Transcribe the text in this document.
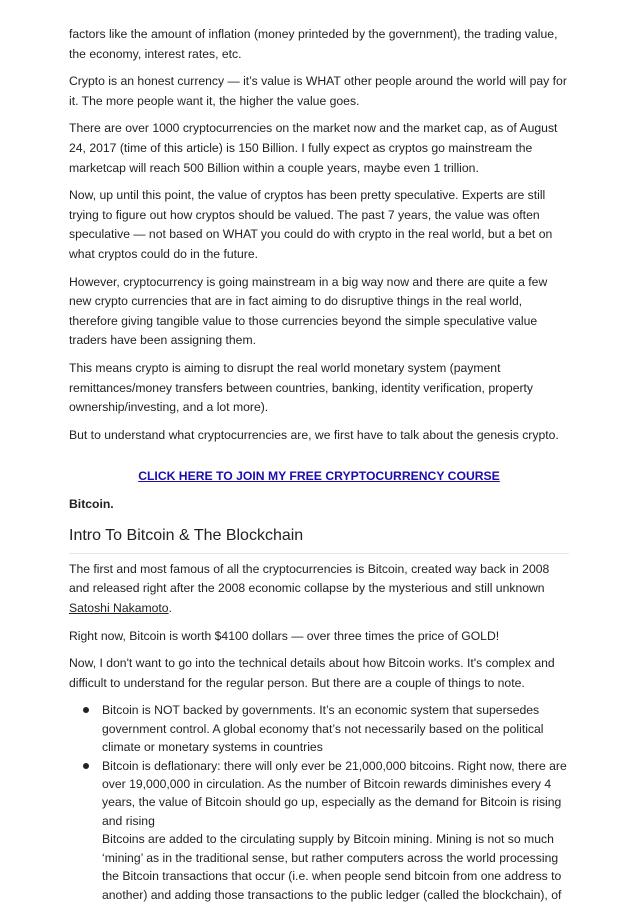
factors like the amount of inflation (money printeded by the government), the trading value, the economy, interest rates, etc.

Crypto is an honest currency — it’s value is WHAT other people around the world will pay for it. The more people want it, the higher the value goes.

There are over 1000 cryptocurrencies on the market now and the market cap, as of August 24, 2017 (time of this article) is 150 Billion. I fully expect as cryptos go mainstream the marketcap will reach 500 Billion within a couple years, maybe even 1 trillion.

Now, up until this point, the value of cryptos has been pretty speculative. Experts are still trying to figure out how cryptos should be valued. The past 7 years, the value was often speculative — not based on WHAT you could do with crypto in the real world, but a bet on what cryptos could do in the future.

However, cryptocurrency is going mainstream in a big way now and there are quite a few new crypto currencies that are in fact aiming to do disruptive things in the real world, therefore giving tangible value to those currencies beyond the simple speculative value traders have been assigning them.

This means crypto is aiming to disrupt the real world monetary system (payment remittances/money transfers between countries, banking, identity verification, property ownership/investing, and a lot more).

But to understand what cryptocurrencies are, we first have to talk about the genesis crypto.

CLICK HERE TO JOIN MY FREE CRYPTOCURRENCY COURSE

Bitcoin.

Intro To Bitcoin & The Blockchain

The first and most famous of all the cryptocurrencies is Bitcoin, created way back in 2008 and released right after the 2008 economic collapse by the mysterious and still unknown Satoshi Nakamoto.

Right now, Bitcoin is worth $4100 dollars — over three times the price of GOLD!

Now, I don't want to go into the technical details about how Bitcoin works. It's complex and difficult to understand for the regular person. But there are a couple of things to note.

Bitcoin is NOT backed by governments. It’s an economic system that supersedes government control. A global economy that’s not necessarily based on the political climate or monetary systems in countries
Bitcoin is deflationary: there will only ever be 21,000,000 bitcoins. Right now, there are over 19,000,000 in circulation. As the number of Bitcoin rewards diminishes every 4 years, the value of Bitcoin should go up, especially as the demand for Bitcoin is rising and rising
Bitcoins are added to the circulating supply by Bitcoin mining. Mining is not so much ‘mining’ as in the traditional sense, but rather computers across the world processing the Bitcoin transactions that occur (i.e. when people send bitcoin from one address to another) and adding those transactions to the public ledger (called the blockchain), of
